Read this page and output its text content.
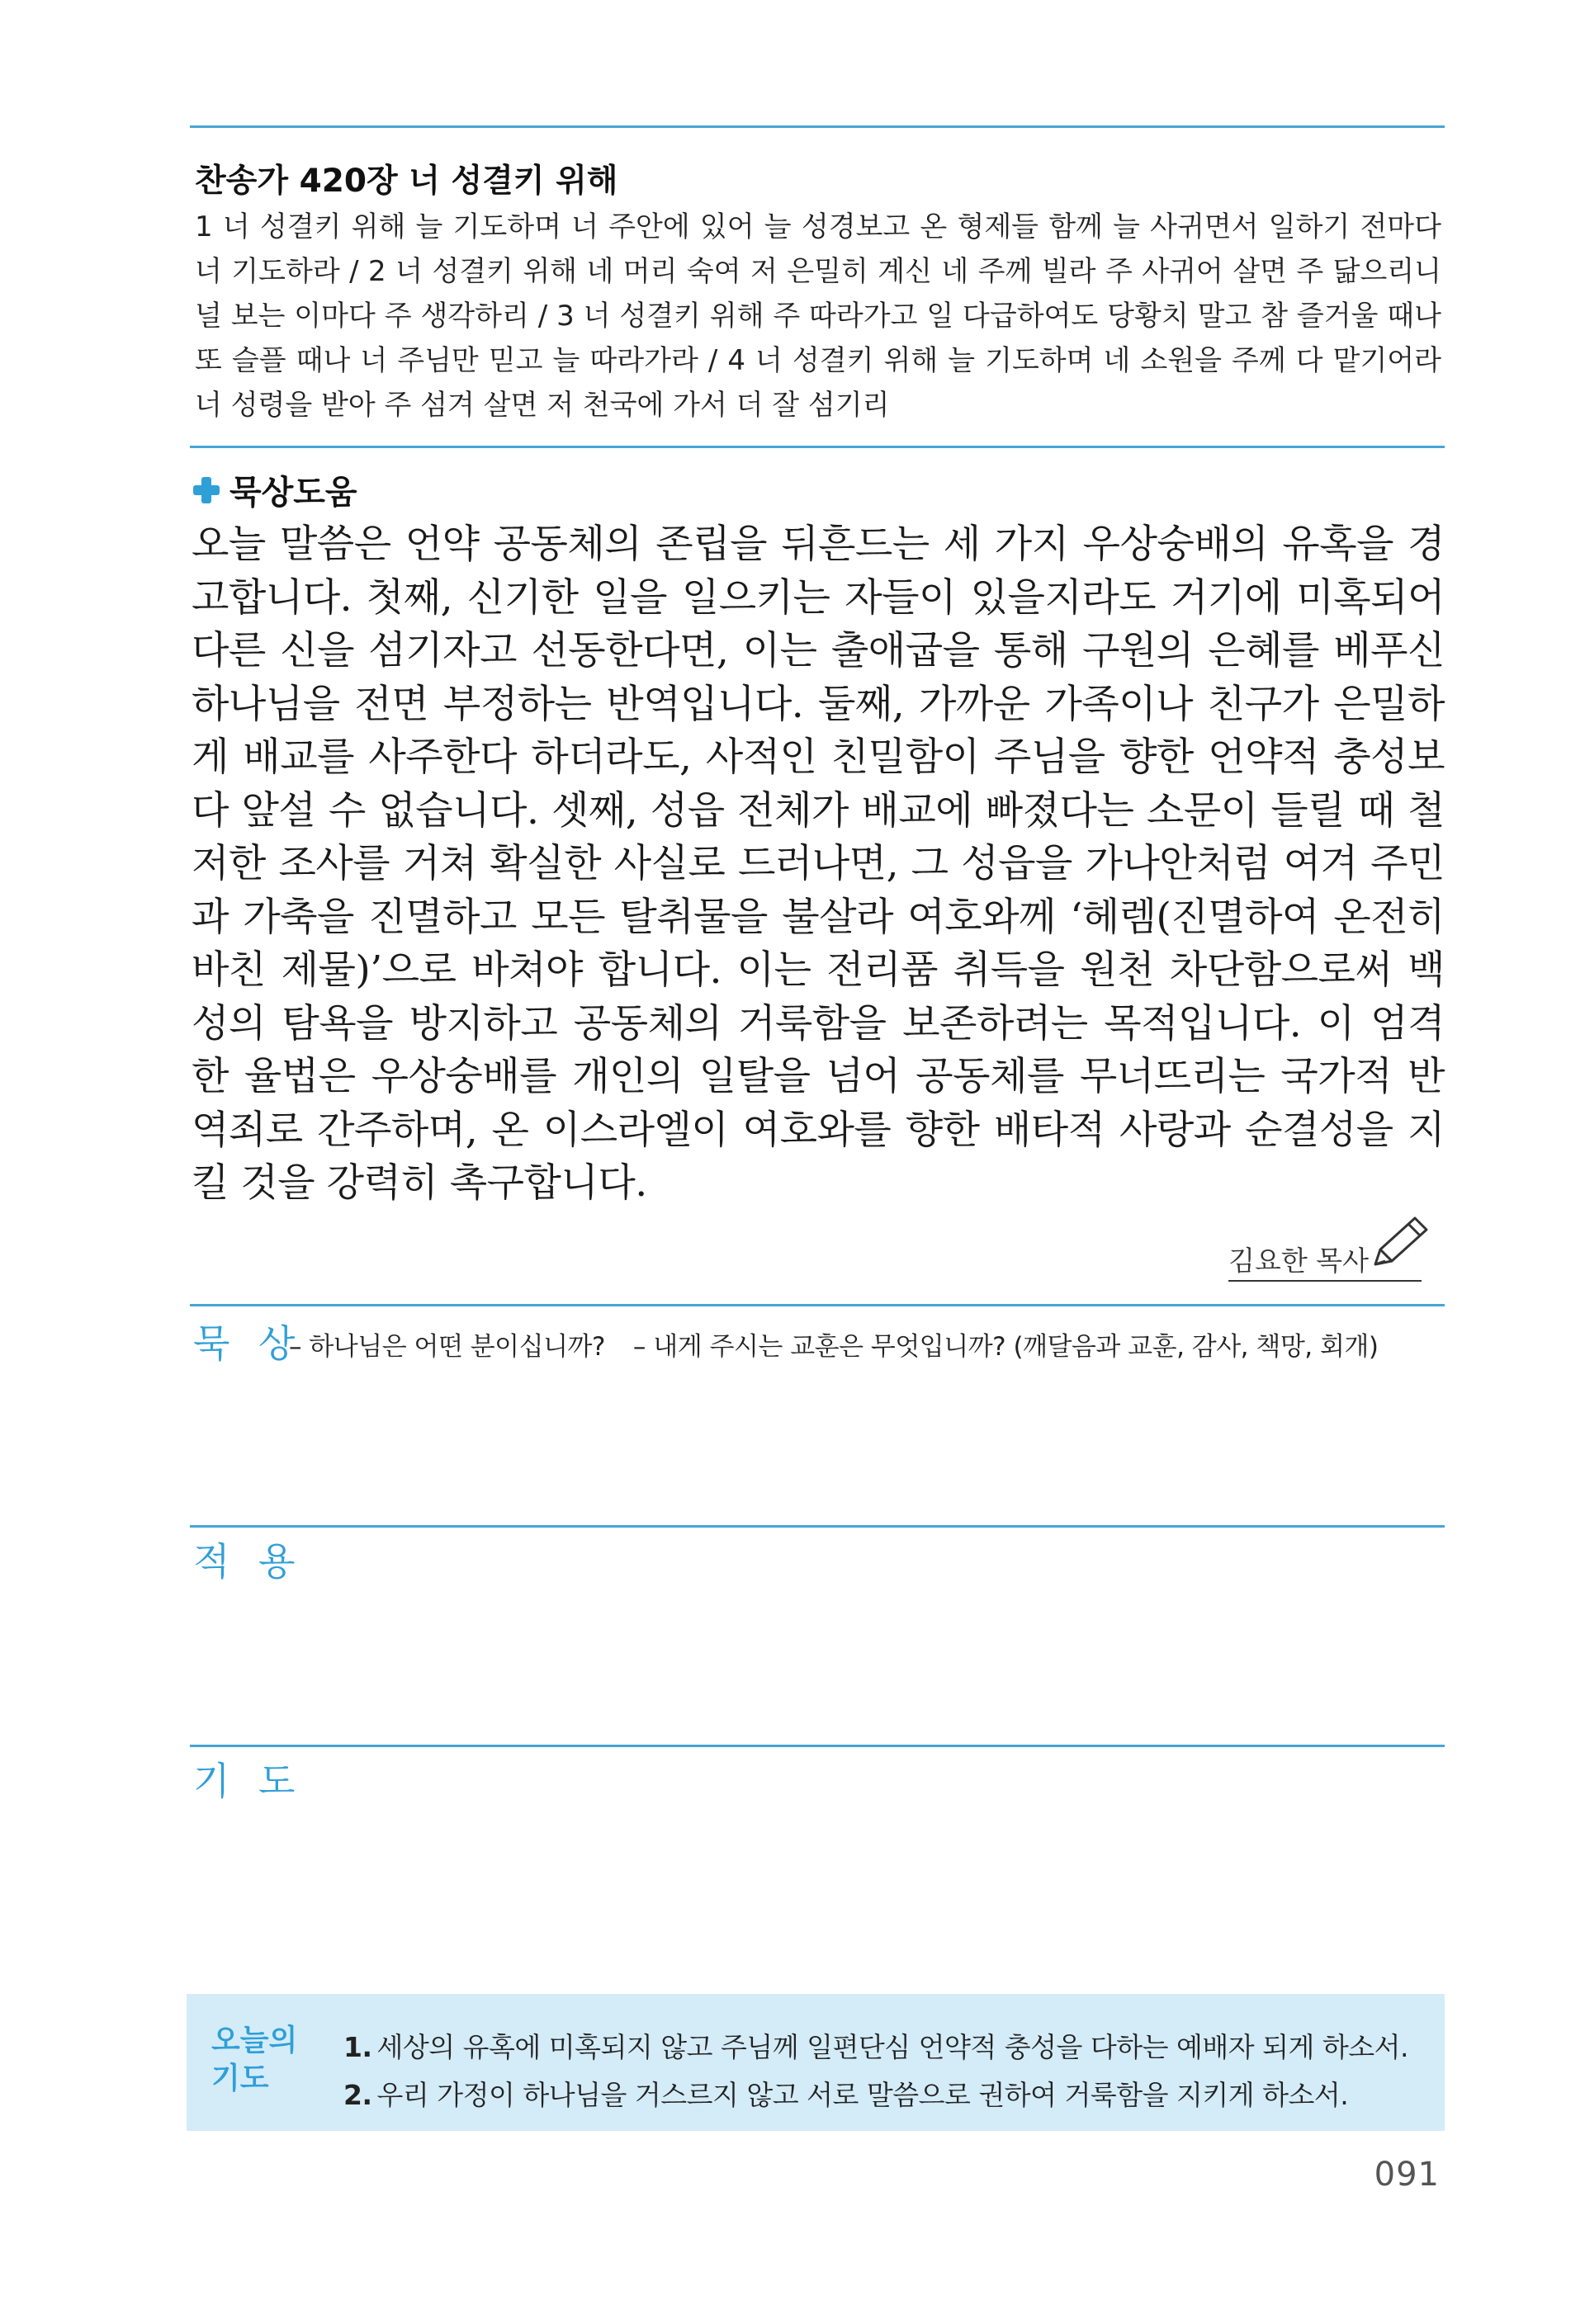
찬송가 420장 너 성결키 위해
1 너 성결키 위해 늘 기도하며 너 주안에 있어 늘 성경보고 온 형제들 함께 늘 사귀면서 일하기 전마다 너 기도하라 / 2 너 성결키 위해 네 머리 숙여 저 은밀히 계신 네 주께 빌라 주 사귀어 살면 주 닮으리니 널 보는 이마다 주 생각하리 / 3 너 성결키 위해 주 따라가고 일 다급하여도 당황치 말고 참 즐거울 때나 또 슬플 때나 너 주님만 믿고 늘 따라가라 / 4 너 성결키 위해 늘 기도하며 네 소원을 주께 다 맡기어라 너 성령을 받아 주 섬겨 살면 저 천국에 가서 더 잘 섬기리
묵상도움
오늘 말씀은 언약 공동체의 존립을 뒤흔드는 세 가지 우상숭배의 유혹을 경고합니다. 첫째, 신기한 일을 일으키는 자들이 있을지라도 거기에 미혹되어 다른 신을 섬기자고 선동한다면, 이는 출애굽을 통해 구원의 은혜를 베푸신 하나님을 전면 부정하는 반역입니다. 둘째, 가까운 가족이나 친구가 은밀하게 배교를 사주한다 하더라도, 사적인 친밀함이 주님을 향한 언약적 충성보다 앞설 수 없습니다. 셋째, 성읍 전체가 배교에 빠졌다는 소문이 들릴 때 철저한 조사를 거쳐 확실한 사실로 드러나면, 그 성읍을 가나안처럼 여겨 주민과 가축을 진멸하고 모든 탈취물을 불살라 여호와께 ‘헤렘(진멸하여 온전히 바친 제물)’으로 바쳐야 합니다. 이는 전리품 취득을 원천 차단함으로써 백성의 탐욕을 방지하고 공동체의 거룩함을 보존하려는 목적입니다. 이 엄격한 율법은 우상숭배를 개인의 일탈을 넘어 공동체를 무너뜨리는 국가적 반역죄로 간주하며, 온 이스라엘이 여호와를 향한 배타적 사랑과 순결성을 지킬 것을 강력히 촉구합니다.
김요한 목사
묵 상
– 하나님은 어떤 분이십니까? – 내게 주시는 교훈은 무엇입니까? (깨달음과 교훈, 감사, 책망, 회개)
적 용
기 도
오늘의 기도
1. 세상의 유혹에 미혹되지 않고 주님께 일편단심 언약적 충성을 다하는 예배자 되게 하소서.
2. 우리 가정이 하나님을 거스르지 않고 서로 말씀으로 권하여 거룩함을 지키게 하소서.
091
